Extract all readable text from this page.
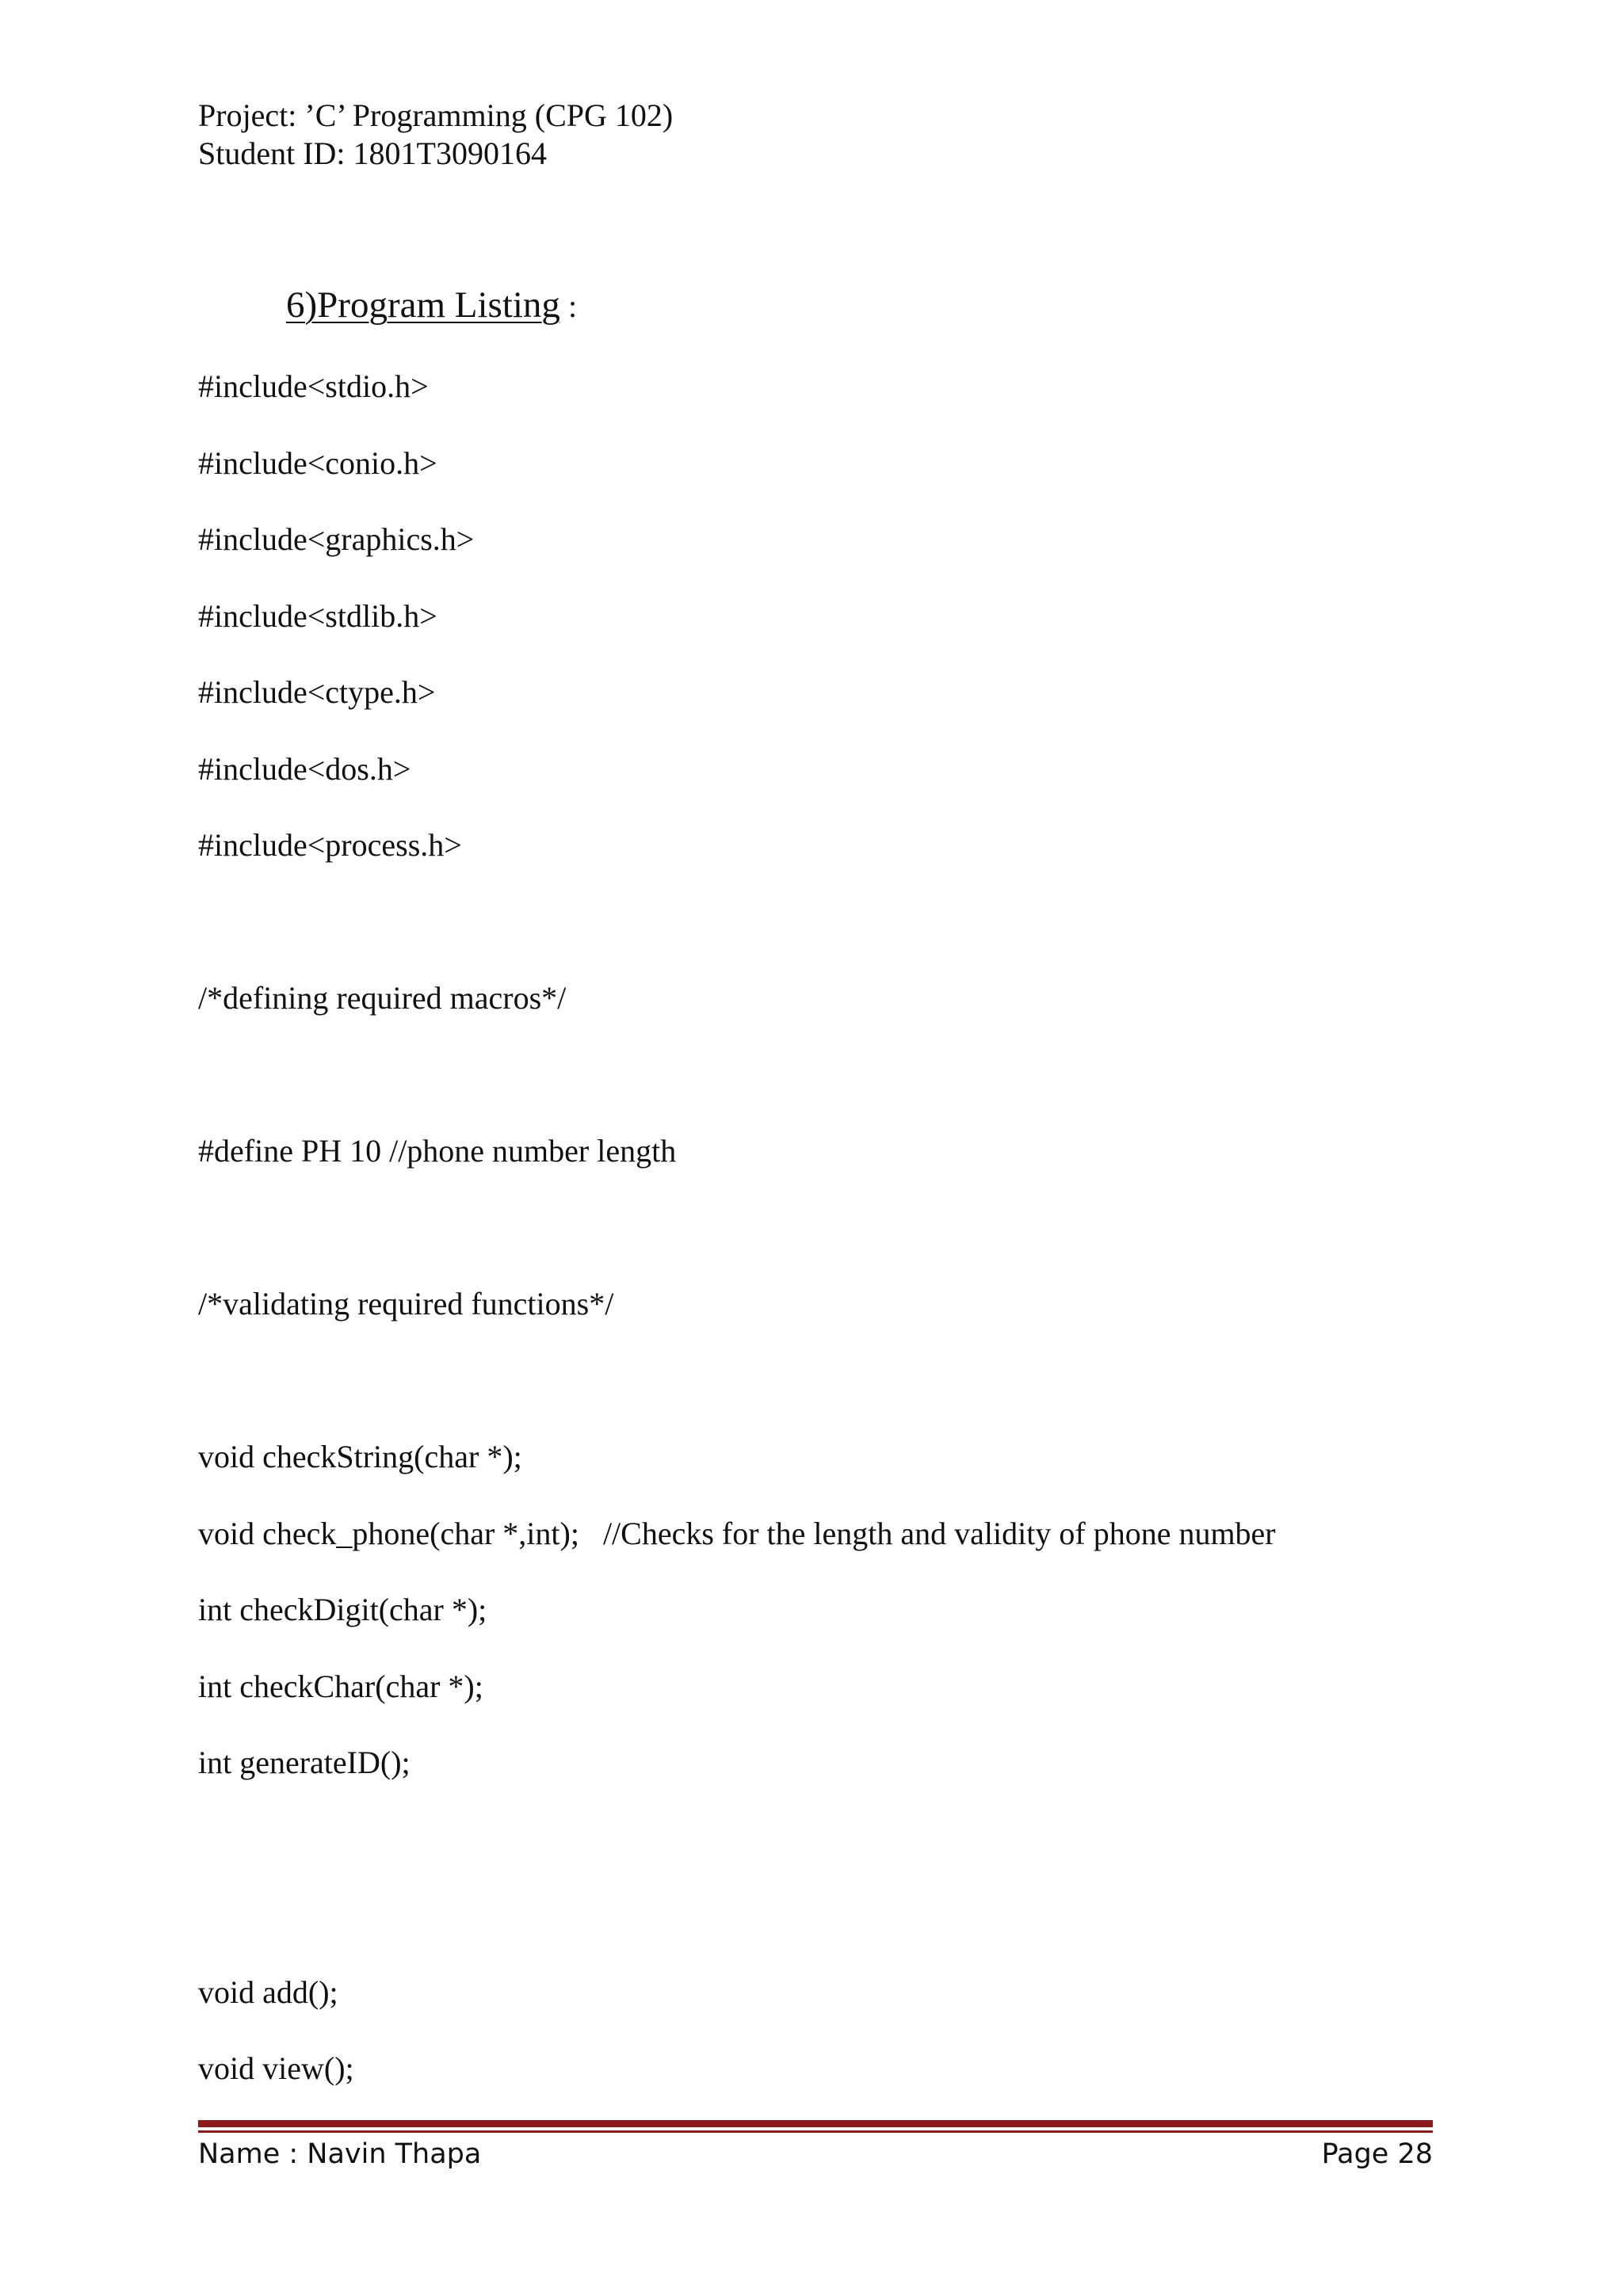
Project: ’C’ Programming (CPG 102)
Student ID: 1801T3090164
6)Program Listing :
#include<stdio.h>
#include<conio.h>
#include<graphics.h>
#include<stdlib.h>
#include<ctype.h>
#include<dos.h>
#include<process.h>
/*defining required macros*/
#define PH 10 //phone number length
/*validating required functions*/
void checkString(char *);
void check_phone(char *,int);   //Checks for the length and validity of phone number
int checkDigit(char *);
int checkChar(char *);
int generateID();
void add();
void view();
Name : Navin Thapa	Page 28
